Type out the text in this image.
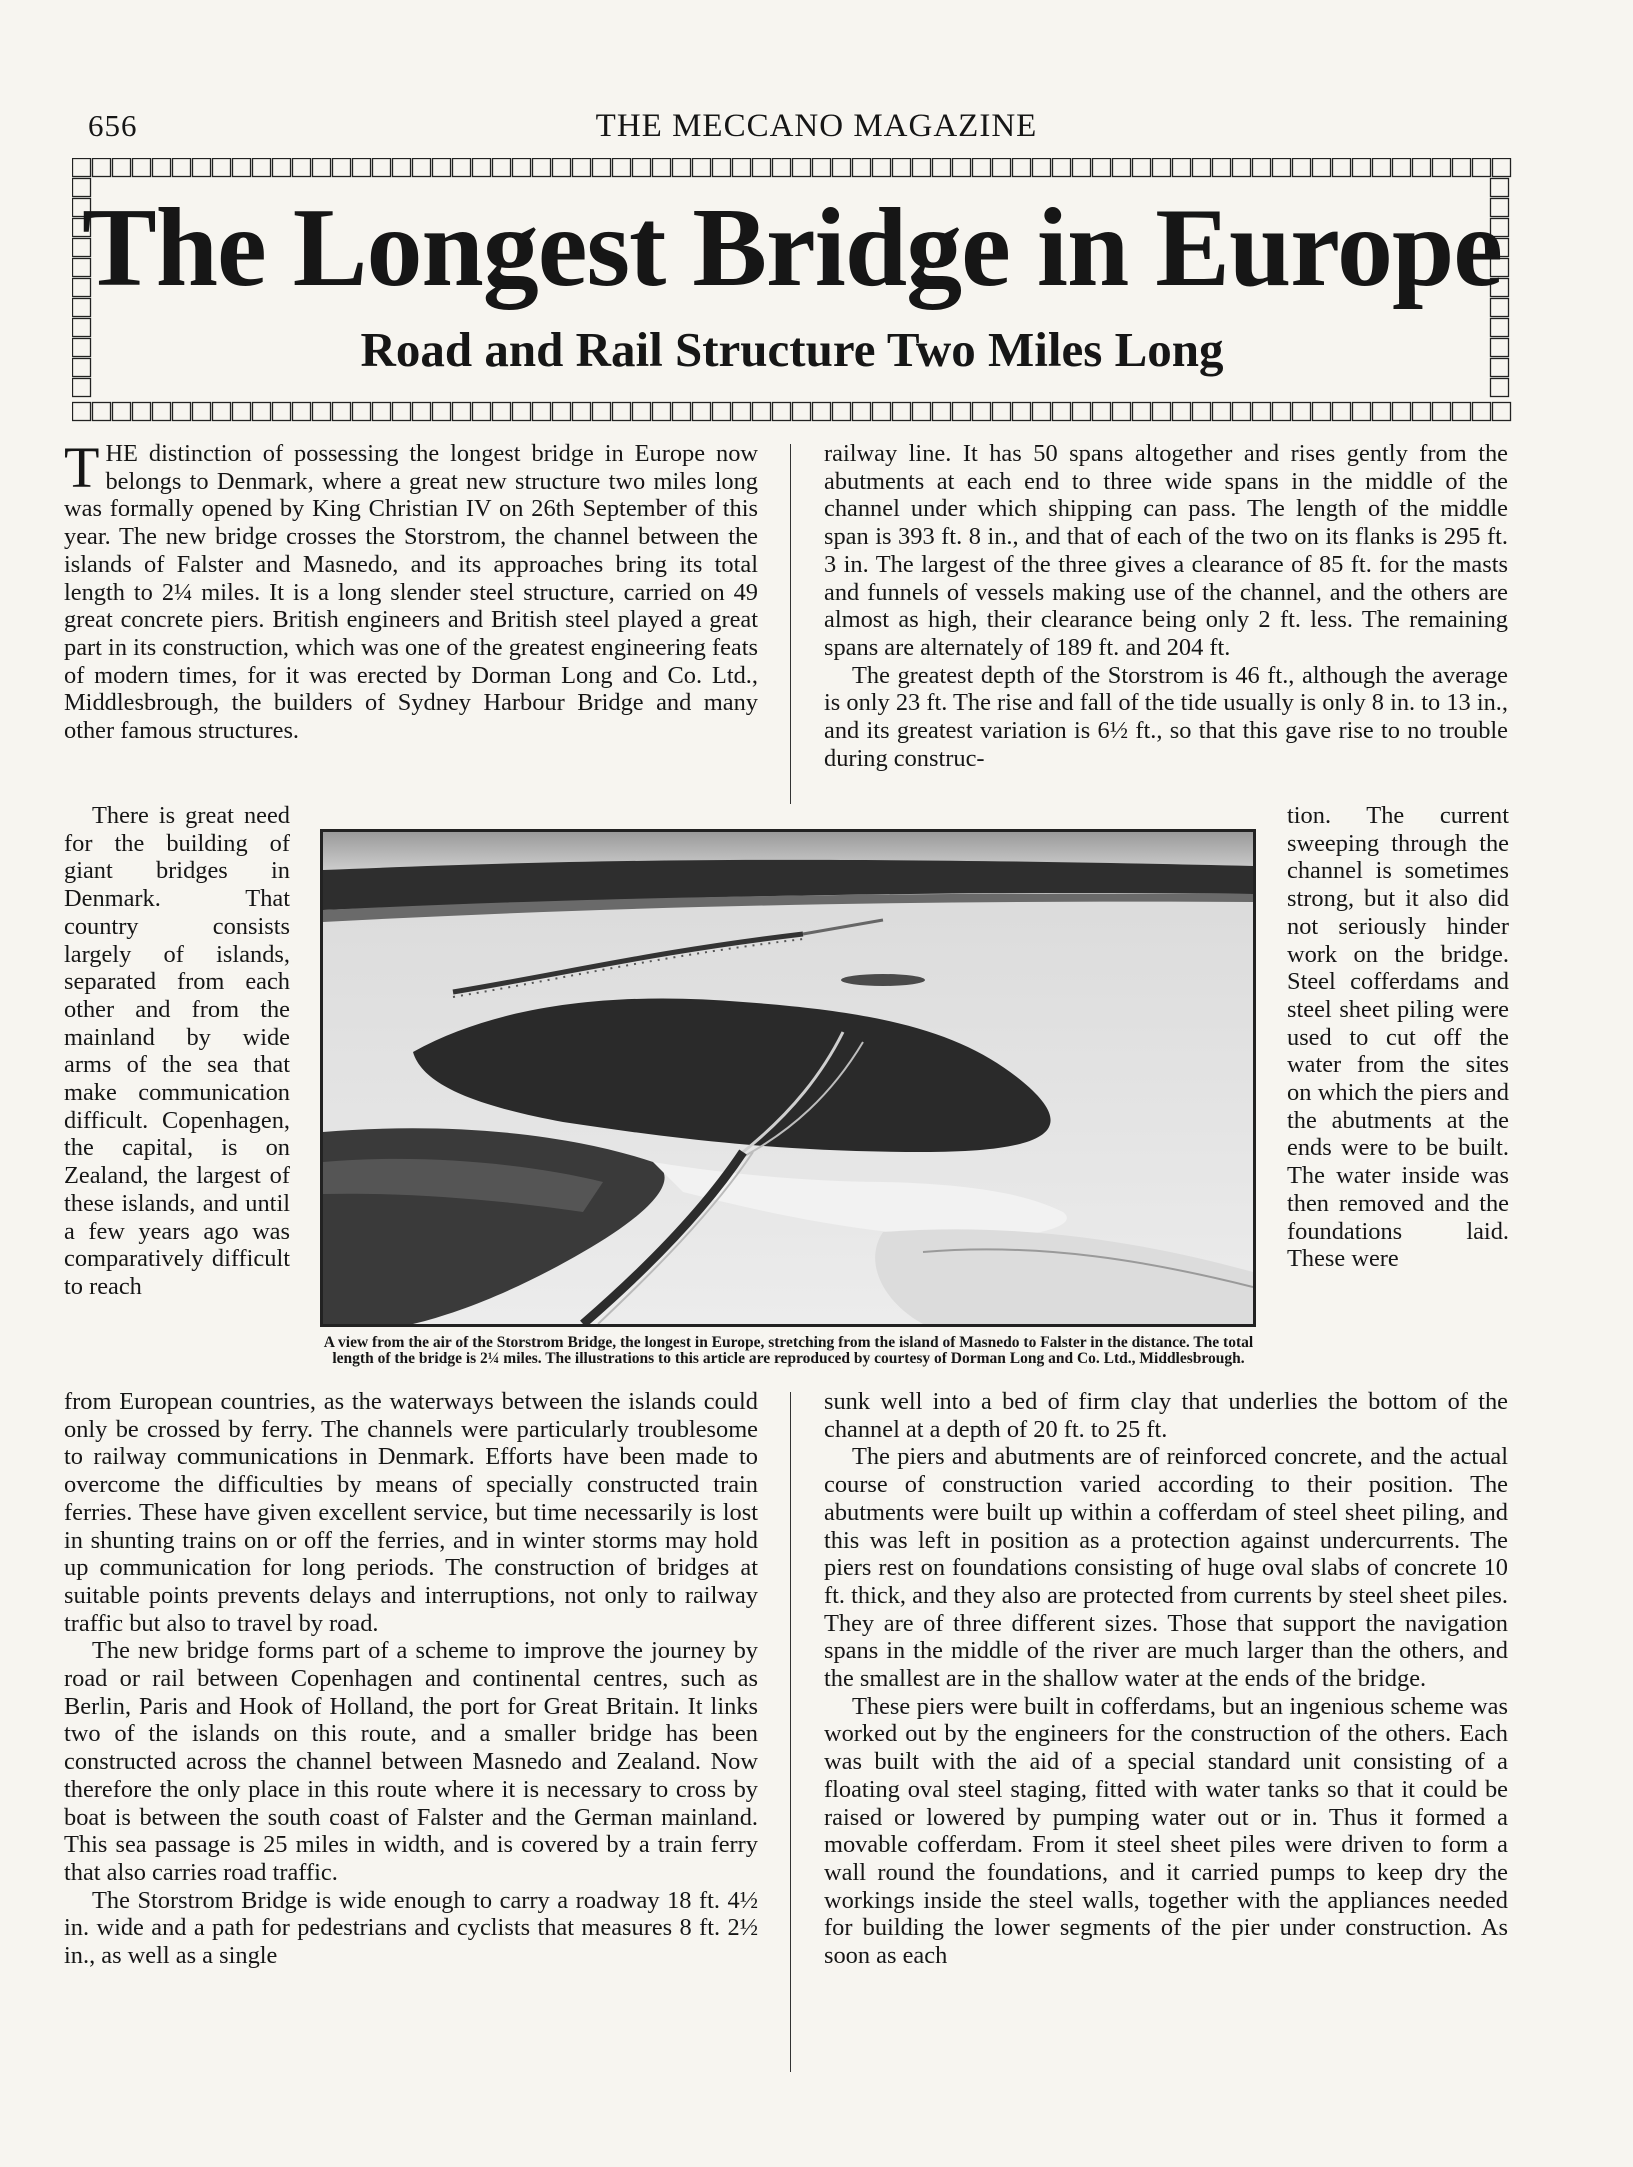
656	THE MECCANO MAGAZINE
The Longest Bridge in Europe
Road and Rail Structure Two Miles Long

THE distinction of possessing the longest bridge in Europe now belongs to Denmark, where a great new structure two miles long was formally opened by King Christian IV on 26th September of this year. The new bridge crosses the Storstrom, the channel between the islands of Falster and Masnedo, and its approaches bring its total length to 2¼ miles. It is a long slender steel structure, carried on 49 great concrete piers. British engineers and British steel played a great part in its construction, which was one of the greatest engineering feats of modern times, for it was erected by Dorman Long and Co. Ltd., Middlesbrough, the builders of Sydney Harbour Bridge and many other famous structures.

There is great need for the building of giant bridges in Denmark. That country consists largely of islands, separated from each other and from the mainland by wide arms of the sea that make communication difficult. Copenhagen, the capital, is on Zealand, the largest of these islands, and until a few years ago was comparatively difficult to reach

from European countries, as the waterways between the islands could only be crossed by ferry. The channels were particularly troublesome to railway communications in Denmark. Efforts have been made to overcome the difficulties by means of specially constructed train ferries. These have given excellent service, but time necessarily is lost in shunting trains on or off the ferries, and in winter storms may hold up communication for long periods. The construction of bridges at suitable points prevents delays and interruptions, not only to railway traffic but also to travel by road.

The new bridge forms part of a scheme to improve the journey by road or rail between Copenhagen and continental centres, such as Berlin, Paris and Hook of Holland, the port for Great Britain. It links two of the islands on this route, and a smaller bridge has been constructed across the channel between Masnedo and Zealand. Now therefore the only place in this route where it is necessary to cross by boat is between the south coast of Falster and the German mainland. This sea passage is 25 miles in width, and is covered by a train ferry that also carries road traffic.

The Storstrom Bridge is wide enough to carry a roadway 18 ft. 4½ in. wide and a path for pedestrians and cyclists that measures 8 ft. 2½ in., as well as a single

railway line. It has 50 spans altogether and rises gently from the abutments at each end to three wide spans in the middle of the channel under which shipping can pass. The length of the middle span is 393 ft. 8 in., and that of each of the two on its flanks is 295 ft. 3 in. The largest of the three gives a clearance of 85 ft. for the masts and funnels of vessels making use of the channel, and the others are almost as high, their clearance being only 2 ft. less. The remaining spans are alternately of 189 ft. and 204 ft.

The greatest depth of the Storstrom is 46 ft., although the average is only 23 ft. The rise and fall of the tide usually is only 8 in. to 13 in., and its greatest variation is 6½ ft., so that this gave rise to no trouble during construc-

tion. The current sweeping through the channel is sometimes strong, but it also did not seriously hinder work on the bridge. Steel cofferdams and steel sheet piling were used to cut off the water from the sites on which the piers and the abutments at the ends were to be built. The water inside was then removed and the foundations laid. These were

sunk well into a bed of firm clay that underlies the bottom of the channel at a depth of 20 ft. to 25 ft.

The piers and abutments are of reinforced concrete, and the actual course of construction varied according to their position. The abutments were built up within a cofferdam of steel sheet piling, and this was left in position as a protection against undercurrents. The piers rest on foundations consisting of huge oval slabs of concrete 10 ft. thick, and they also are protected from currents by steel sheet piles. They are of three different sizes. Those that support the navigation spans in the middle of the river are much larger than the others, and the smallest are in the shallow water at the ends of the bridge.

These piers were built in cofferdams, but an ingenious scheme was worked out by the engineers for the construction of the others. Each was built with the aid of a special standard unit consisting of a floating oval steel staging, fitted with water tanks so that it could be raised or lowered by pumping water out or in. Thus it formed a movable cofferdam. From it steel sheet piles were driven to form a wall round the foundations, and it carried pumps to keep dry the workings inside the steel walls, together with the appliances needed for building the lower segments of the pier under construction. As soon as each

A view from the air of the Storstrom Bridge, the longest in Europe, stretching from the island of Masnedo to Falster in the distance. The total length of the bridge is 2¼ miles. The illustrations to this article are reproduced by courtesy of Dorman Long and Co. Ltd., Middlesbrough.
